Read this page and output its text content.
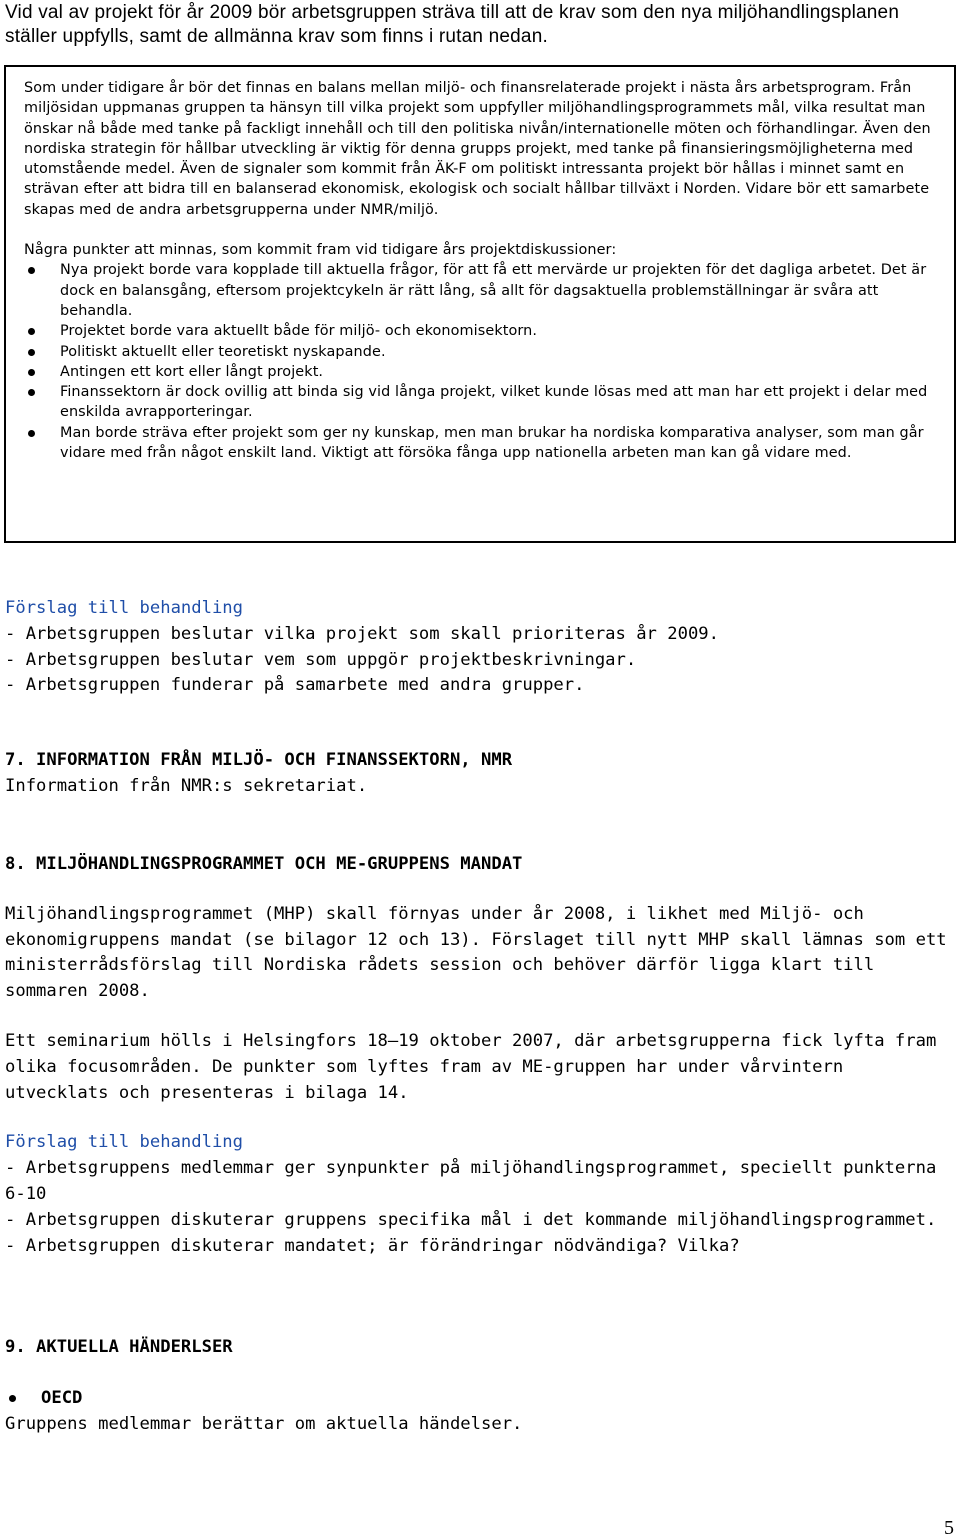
Vid val av projekt för år 2009 bör arbetsgruppen sträva till att de krav som den nya miljöhandlingsplanen ställer uppfylls, samt de allmänna krav som finns i rutan nedan.

Som under tidigare år bör det finnas en balans mellan miljö- och finansrelaterade projekt i nästa års arbetsprogram. Från miljösidan uppmanas gruppen ta hänsyn till vilka projekt som uppfyller miljöhandlingsprogrammets mål, vilka resultat man önskar nå både med tanke på fackligt innehåll och till den politiska nivån/internationelle möten och förhandlingar. Även den nordiska strategin för hållbar utveckling är viktig för denna grupps projekt, med tanke på finansieringsmöjligheterna med utomstående medel. Även de signaler som kommit från ÄK-F om politiskt intressanta projekt bör hållas i minnet samt en strävan efter att bidra till en balanserad ekonomisk, ekologisk och socialt hållbar tillväxt i Norden. Vidare bör ett samarbete skapas med de andra arbetsgrupperna under NMR/miljö.

Några punkter att minnas, som kommit fram vid tidigare års projektdiskussioner:

Nya projekt borde vara kopplade till aktuella frågor, för att få ett mervärde ur projekten för det dagliga arbetet. Det är dock en balansgång, eftersom projektcykeln är rätt lång, så allt för dagsaktuella problemställningar är svåra att behandla.
Projektet borde vara aktuellt både för miljö- och ekonomisektorn.
Politiskt aktuellt eller teoretiskt nyskapande.
Antingen ett kort eller långt projekt.
Finanssektorn är dock ovillig att binda sig vid långa projekt, vilket kunde lösas med att man har ett projekt i delar med enskilda avrapporteringar.
Man borde sträva efter projekt som ger ny kunskap, men man brukar ha nordiska komparativa analyser, som man går vidare med från något enskilt land. Viktigt att försöka fånga upp nationella arbeten man kan gå vidare med.

Förslag till behandling

- Arbetsgruppen beslutar vilka projekt som skall prioriteras år 2009.

- Arbetsgruppen beslutar vem som uppgör projektbeskrivningar.

- Arbetsgruppen funderar på samarbete med andra grupper.

7. INFORMATION FRÅN MILJÖ- OCH FINANSSEKTORN, NMR

Information från NMR:s sekretariat.

8. MILJÖHANDLINGSPROGRAMMET OCH ME-GRUPPENS MANDAT

Miljöhandlingsprogrammet (MHP) skall förnyas under år 2008, i likhet med Miljö- och ekonomigruppens mandat (se bilagor 12 och 13). Förslaget till nytt MHP skall lämnas som ett ministerrådsförslag till Nordiska rådets session och behöver därför ligga klart till sommaren 2008.

Ett seminarium hölls i Helsingfors 18—19 oktober 2007, där arbetsgrupperna fick lyfta fram olika focusområden. De punkter som lyftes fram av ME-gruppen har under vårvintern utvecklats och presenteras i bilaga 14.

Förslag till behandling

- Arbetsgruppens medlemmar ger synpunkter på miljöhandlingsprogrammet, speciellt punkterna 6-10

- Arbetsgruppen diskuterar gruppens specifika mål i det kommande miljöhandlingsprogrammet.

- Arbetsgruppen diskuterar mandatet; är förändringar nödvändiga? Vilka?

9. AKTUELLA HÄNDERLSER

OECD

Gruppens medlemmar berättar om aktuella händelser.

5
